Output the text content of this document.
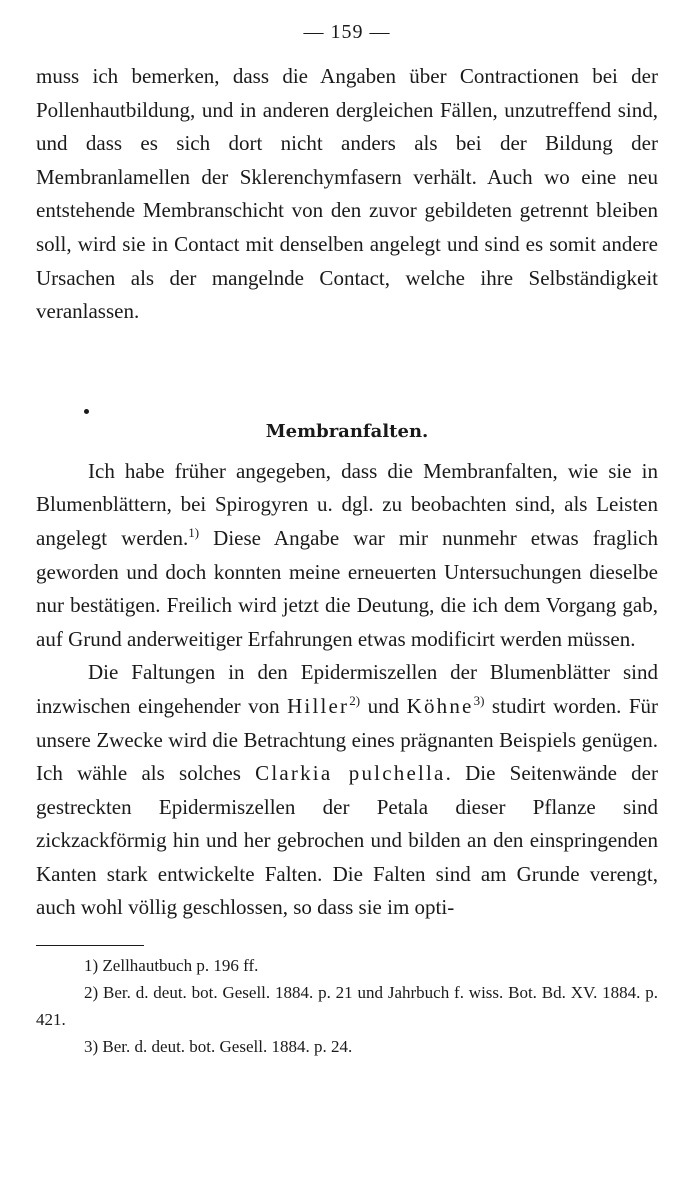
— 159 —

muss ich bemerken, dass die Angaben über Contractionen bei der Pollenhautbildung, und in anderen dergleichen Fällen, unzutreffend sind, und dass es sich dort nicht anders als bei der Bildung der Membranlamellen der Sklerenchymfasern verhält. Auch wo eine neu entstehende Membranschicht von den zuvor gebildeten getrennt bleiben soll, wird sie in Contact mit denselben angelegt und sind es somit andere Ursachen als der mangelnde Contact, welche ihre Selbständigkeit veranlassen.

Membranfalten.

Ich habe früher angegeben, dass die Membranfalten, wie sie in Blumenblättern, bei Spirogyren u. dgl. zu beobachten sind, als Leisten angelegt werden.$^{1)}$ Diese Angabe war mir nunmehr etwas fraglich geworden und doch konnten meine erneuerten Untersuchungen dieselbe nur bestätigen. Freilich wird jetzt die Deutung, die ich dem Vorgang gab, auf Grund anderweitiger Erfahrungen etwas modificirt werden müssen.

Die Faltungen in den Epidermiszellen der Blumenblätter sind inzwischen eingehender von Hiller$^{2)}$ und Köhne$^{3)}$ studirt worden. Für unsere Zwecke wird die Betrachtung eines prägnanten Beispiels genügen. Ich wähle als solches Clarkia pulchella. Die Seitenwände der gestreckten Epidermiszellen der Petala dieser Pflanze sind zickzackförmig hin und her gebrochen und bilden an den einspringenden Kanten stark entwickelte Falten. Die Falten sind am Grunde verengt, auch wohl völlig geschlossen, so dass sie im opti-

1) Zellhautbuch p. 196 ff.

2) Ber. d. deut. bot. Gesell. 1884. p. 21 und Jahrbuch f. wiss. Bot. Bd. XV. 1884. p. 421.

3) Ber. d. deut. bot. Gesell. 1884. p. 24.
